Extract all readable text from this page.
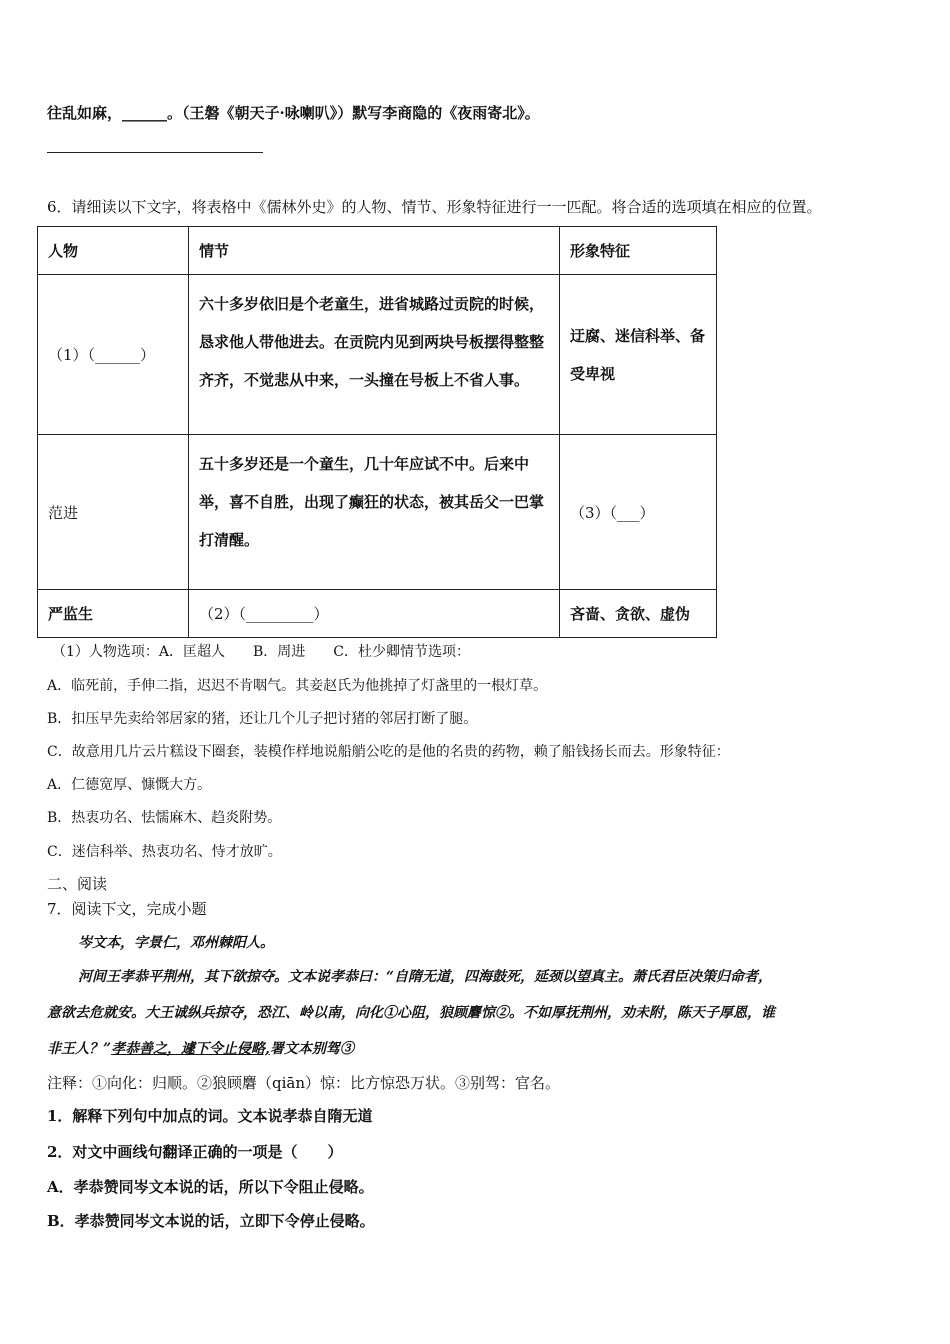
往乱如麻，______。（王磐《朝天子·咏喇叭》）默写李商隐的《夜雨寄北》。
6．请细读以下文字，将表格中《儒林外史》的人物、情节、形象特征进行一一匹配。将合适的选项填在相应的位置。
人物	情节	形象特征
（1）（______）	六十多岁依旧是个老童生，进省城路过贡院的时候，恳求他人带他进去。在贡院内见到两块号板摆得整整齐齐，不觉悲从中来，一头撞在号板上不省人事。	迂腐、迷信科举、备受卑视

范进	五十多岁还是一个童生，几十年应试不中。后来中举，喜不自胜，出现了癫狂的状态，被其岳父一巴掌打清醒。	（3）（___）
严监生	（2）（_________）	吝啬、贪欲、虚伪
（1）人物选项：A．匡超人　　B．周进　　C．杜少卿情节选项：
A．临死前，手伸二指，迟迟不肯咽气。其妾赵氏为他挑掉了灯盏里的一根灯草。
B．扣压早先卖给邻居家的猪，还让几个儿子把讨猪的邻居打断了腿。
C．故意用几片云片糕设下圈套，装模作样地说船艄公吃的是他的名贵的药物，赖了船钱扬长而去。形象特征：
A．仁德宽厚、慷慨大方。
B．热衷功名、怯懦麻木、趋炎附势。
C．迷信科举、热衷功名、恃才放旷。
二、阅读
7．阅读下文，完成小题
岑文本，字景仁，邓州棘阳人。
河间王孝恭平荆州，其下欲掠夺。文本说孝恭曰：“自隋无道，四海鼓死，延颈以望真主。萧氏君臣决策归命者，
意欲去危就安。大王诚纵兵掠夺，恐江、岭以南，向化①心阻，狼顾麏惊②。不如厚抚荆州，劝未附，陈天子厚恩，谁
非王人？”孝恭善之，遽下令止侵略,署文本别驾③
注释：①向化：归顺。②狼顾麏（qiān）惊：比方惊恐万状。③别驾：官名。
1．解释下列句中加点的词。文本说孝恭自隋无道
2．对文中画线句翻译正确的一项是（　　）
A．孝恭赞同岑文本说的话，所以下令阻止侵略。
B．孝恭赞同岑文本说的话，立即下令停止侵略。
